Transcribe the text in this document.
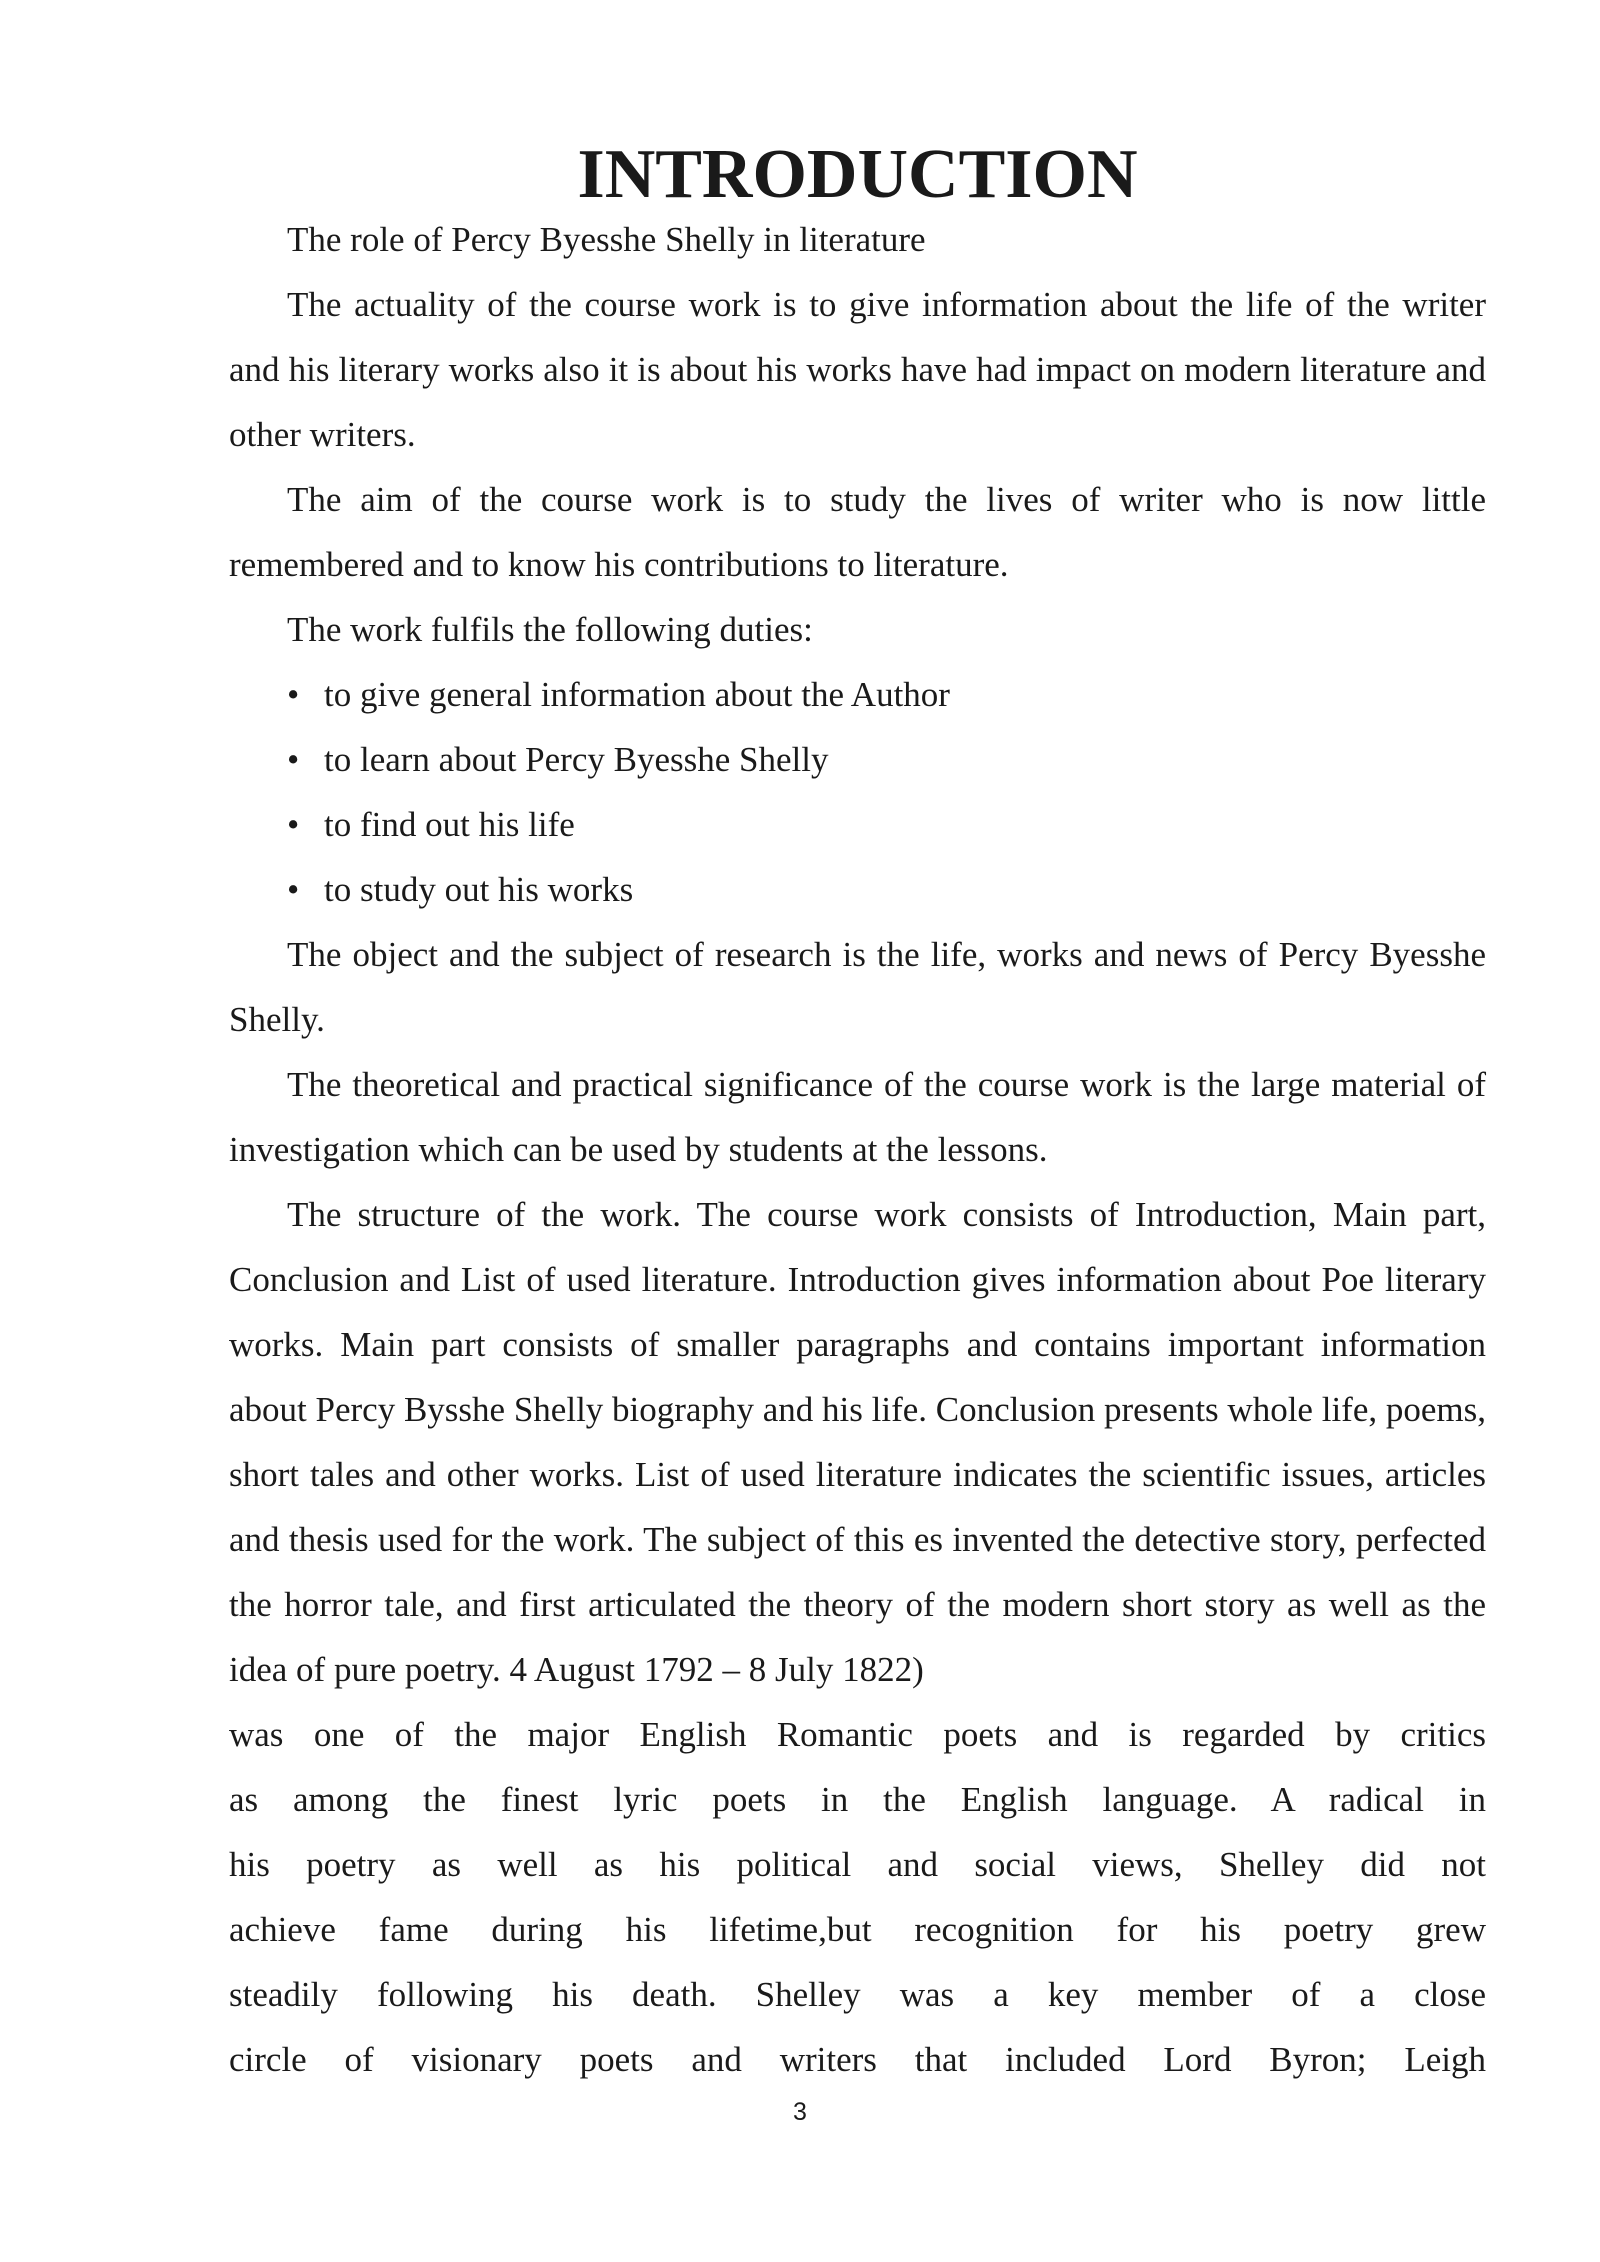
INTRODUCTION

The role of Percy Byesshe Shelly in literature

The actuality of the course work is to give information about the life of the writer and his literary works also it is about his works have had impact on modern literature and other writers.

The aim of the course work is to study the lives of writer who is now little remembered and to know his contributions to literature.

The work fulfils the following duties:

• to give general information about the Author
• to learn about Percy Byesshe Shelly
• to find out his life
• to study out his works

The object and the subject of research is the life, works and news of Percy Byesshe Shelly.

The theoretical and practical significance of the course work is the large material of investigation which can be used by students at the lessons.

The structure of the work. The course work consists of Introduction, Main part, Conclusion and List of used literature. Introduction gives information about Poe literary works. Main part consists of smaller paragraphs and contains important information about Percy Bysshe Shelly biography and his life. Conclusion presents whole life, poems, short tales and other works. List of used literature indicates the scientific issues, articles and thesis used for the work. The subject of this es invented the detective story, perfected the horror tale, and first articulated the theory of the modern short story as well as the idea of pure poetry. 4 August 1792 – 8 July 1822)

was one of the major English Romantic poets and is regarded by critics

as among the finest lyric poets in the English language. A radical in

his poetry as well as his political and social views, Shelley did not

achieve fame during his lifetime,but recognition for his poetry grew

steadily following his death. Shelley was a key member of a close

circle of visionary poets and writers that included Lord Byron; Leigh

3
